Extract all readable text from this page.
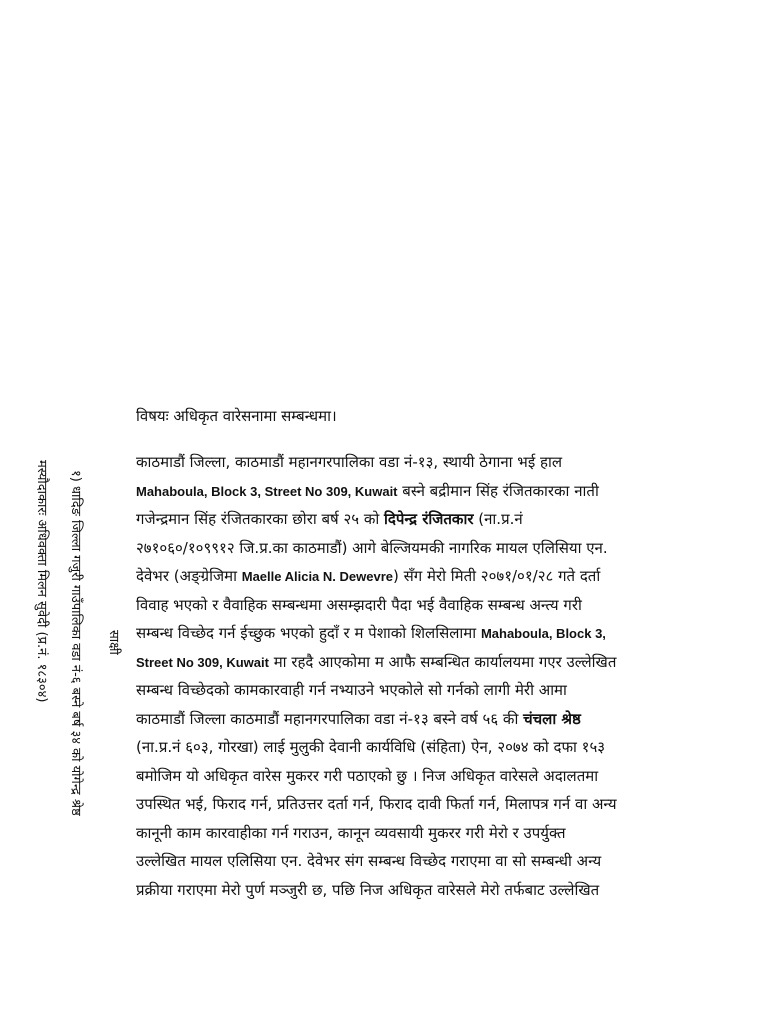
विषयः अधिकृत वारेसनामा सम्बन्धमा।
काठमाडौं जिल्ला, काठमाडौं महानगरपालिका वडा नं-१३, स्थायी ठेगाना भई हाल
Mahaboula, Block 3, Street No 309, Kuwait बस्ने बद्रीमान सिंह रंजितकारका नाती
गजेन्द्रमान सिंह रंजितकारका छोरा बर्ष २५ को दिपेन्द्र रंजितकार (ना.प्र.नं
२७१०६०/१०९९१२ जि.प्र.का काठमाडौं) आगे बेल्जियमकी नागरिक मायल एलिसिया एन.
देवेभर (अङ्ग्रेजिमा Maelle Alicia N. Dewevre) सँग मेरो मिती २०७१/०१/२८ गते दर्ता
विवाह भएको र वैवाहिक सम्बन्धमा असम्झदारी पैदा भई वैवाहिक सम्बन्ध अन्त्य गरी
सम्बन्ध विच्छेद गर्न ईच्छुक भएको हुदाँ र म पेशाको शिलसिलामा Mahaboula, Block 3,
Street No 309, Kuwait मा रहदै आएकोमा म आफै सम्बन्धित कार्यालयमा गएर उल्लेखित
सम्बन्ध विच्छेदको कामकारवाही गर्न नभ्याउने भएकोले सो गर्नको लागी मेरी आमा
काठमाडौं जिल्ला काठमाडौं महानगरपालिका वडा नं-१३ बस्ने वर्ष ५६ की चंचला श्रेष्ठ
(ना.प्र.नं ६०३, गोरखा) लाई मुलुकी देवानी कार्यविधि (संहिता) ऐन, २०७४ को दफा १५३
बमोजिम यो अधिकृत वारेस मुकरर गरी पठाएको छु । निज अधिकृत वारेसले अदालतमा
उपस्थित भई, फिराद गर्न, प्रतिउत्तर दर्ता गर्न, फिराद दावी फिर्ता गर्न, मिलापत्र गर्न वा अन्य
कानूनी काम कारवाहीका गर्न गराउन, कानून व्यवसायी मुकरर गरी मेरो र उपर्युक्त
उल्लेखित मायल एलिसिया एन. देवेभर संग सम्बन्ध विच्छेद गराएमा वा सो सम्बन्धी अन्य
प्रक्रीया गराएमा मेरो पुर्ण मञ्जुरी छ, पछि निज अधिकृत वारेसले मेरो तर्फबाट उल्लेखित
१) धादिङ जिल्ला गजुरी गाउँपालिका वडा नं-६ बस्ने बर्ष ३४ को योगेन्द्र श्रेष्ठ
मस्यौदाकारः अधिवक्ता मिलन सुवेदी (प्र.नं. १८३०४)	साक्षी
